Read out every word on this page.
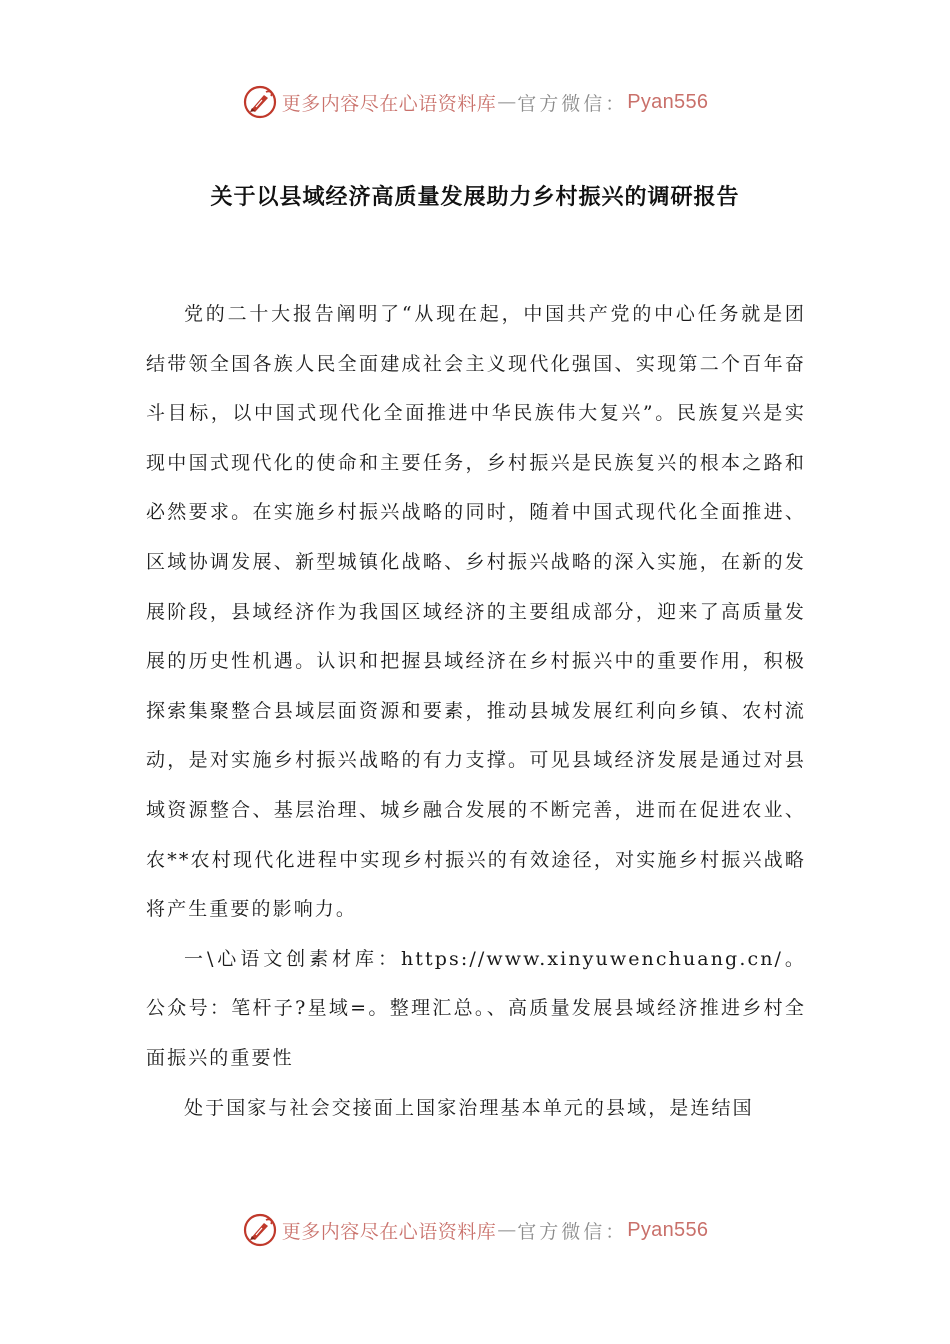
更多内容尽在心语资料库 — 官方微信： Pyan556
关于以县域经济高质量发展助力乡村振兴的调研报告

党的二十大报告阐明了“从现在起，中国共产党的中心任务就是团结带领全国各族人民全面建成社会主义现代化强国、实现第二个百年奋斗目标，以中国式现代化全面推进中华民族伟大复兴”。民族复兴是实现中国式现代化的使命和主要任务，乡村振兴是民族复兴的根本之路和必然要求。在实施乡村振兴战略的同时，随着中国式现代化全面推进、区域协调发展、新型城镇化战略、乡村振兴战略的深入实施，在新的发展阶段，县域经济作为我国区域经济的主要组成部分，迎来了高质量发展的历史性机遇。认识和把握县域经济在乡村振兴中的重要作用，积极探索集聚整合县域层面资源和要素，推动县城发展红利向乡镇、农村流动，是对实施乡村振兴战略的有力支撑。可见县域经济发展是通过对县域资源整合、基层治理、城乡融合发展的不断完善，进而在促进农业、农**农村现代化进程中实现乡村振兴的有效途径，对实施乡村振兴战略将产生重要的影响力。

一\心语文创素材库：https://www.xinyuwenchuang.cn/。公众号：笔杆子?星域=。整理汇总。、高质量发展县域经济推进乡村全面振兴的重要性

处于国家与社会交接面上国家治理基本单元的县域，是连结国

更多内容尽在心语资料库 — 官方微信： Pyan556
